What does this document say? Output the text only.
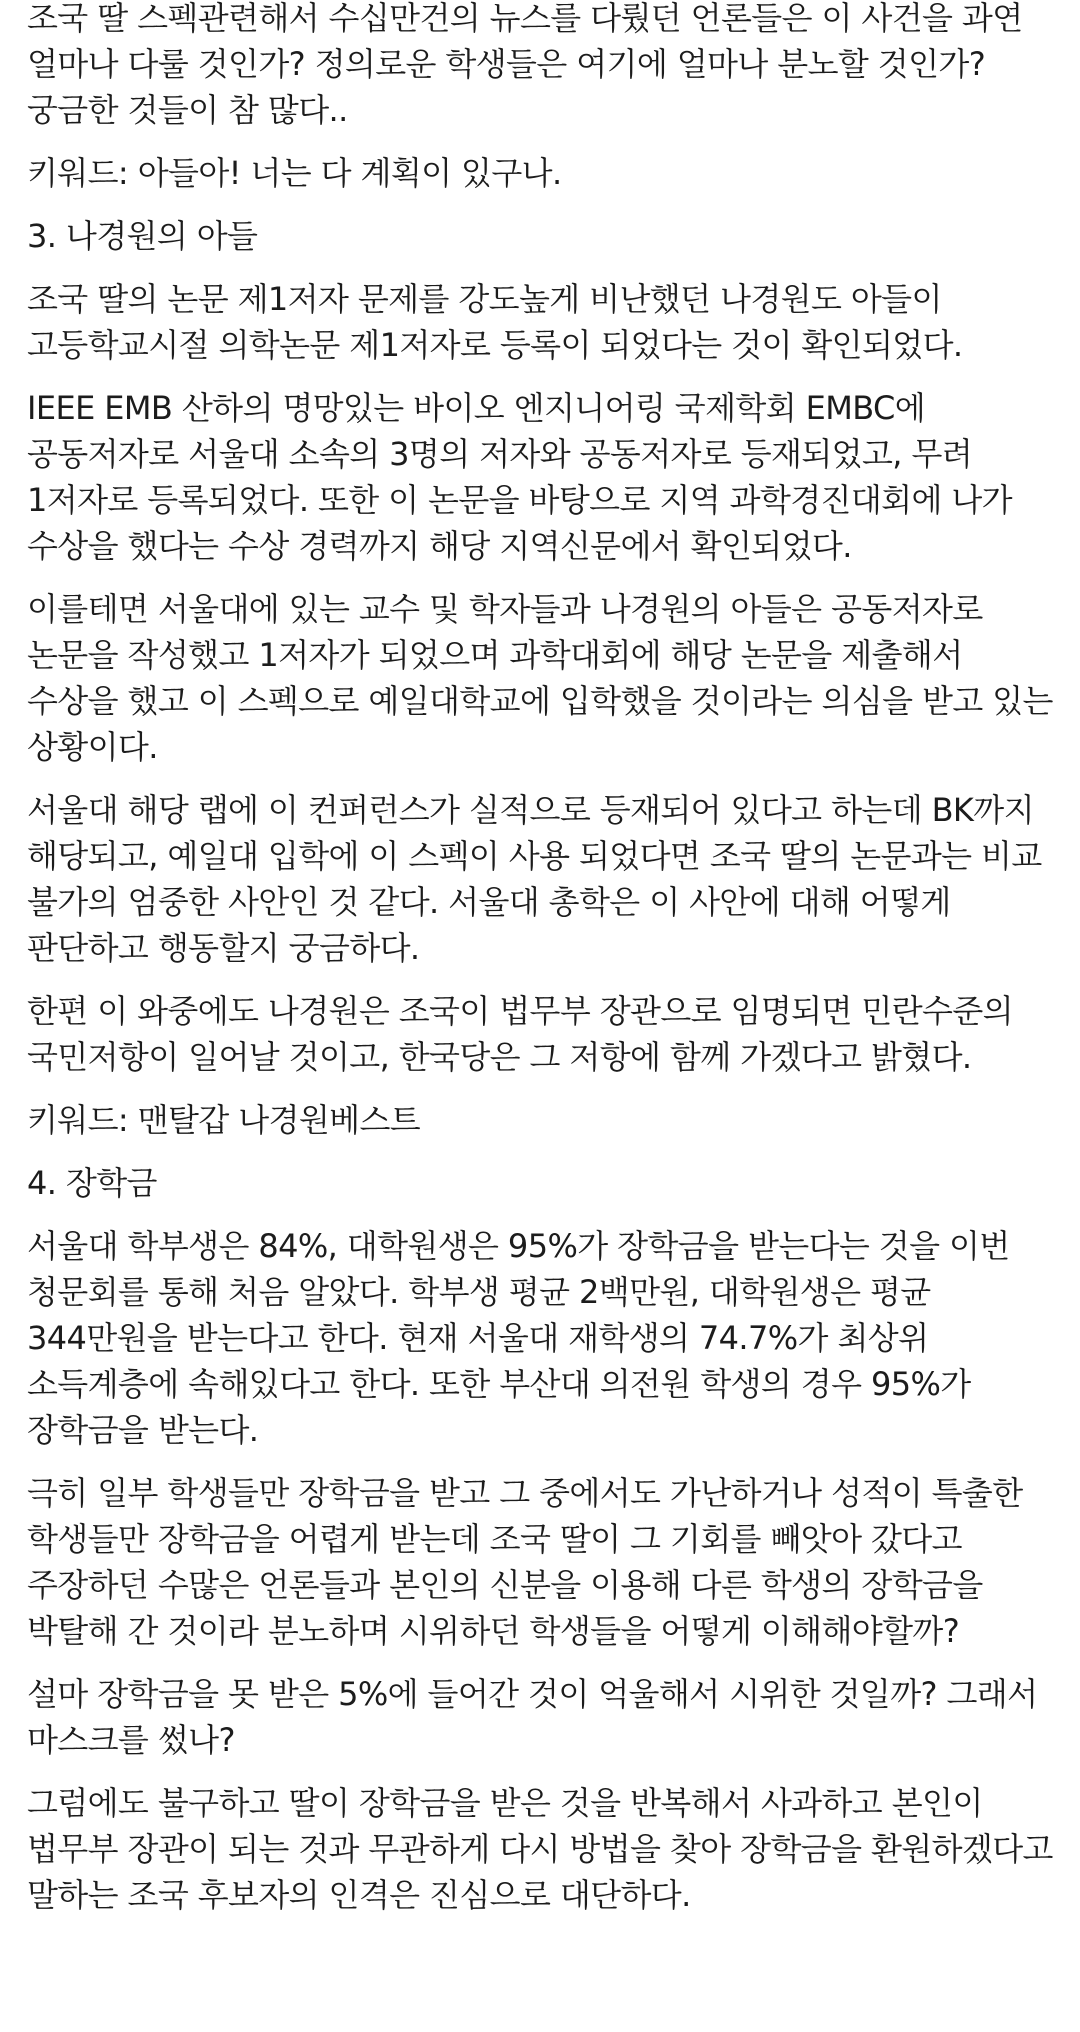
조국 딸 스펙관련해서 수십만건의 뉴스를 다뤘던 언론들은 이 사건을 과연 얼마나 다룰 것인가? 정의로운 학생들은 여기에 얼마나 분노할 것인가? 궁금한 것들이 참 많다..

키워드: 아들아! 너는 다 계획이 있구나.

3. 나경원의 아들

조국 딸의 논문 제1저자 문제를 강도높게 비난했던 나경원도 아들이 고등학교시절 의학논문 제1저자로 등록이 되었다는 것이 확인되었다.

IEEE EMB 산하의 명망있는 바이오 엔지니어링 국제학회 EMBC에 공동저자로 서울대 소속의 3명의 저자와 공동저자로 등재되었고, 무려 1저자로 등록되었다. 또한 이 논문을 바탕으로 지역 과학경진대회에 나가 수상을 했다는 수상 경력까지 해당 지역신문에서 확인되었다.

이를테면 서울대에 있는 교수 및 학자들과 나경원의 아들은 공동저자로 논문을 작성했고 1저자가 되었으며 과학대회에 해당 논문을 제출해서 수상을 했고 이 스펙으로 예일대학교에 입학했을 것이라는 의심을 받고 있는 상황이다.

서울대 해당 랩에 이 컨퍼런스가 실적으로 등재되어 있다고 하는데 BK까지 해당되고, 예일대 입학에 이 스펙이 사용 되었다면 조국 딸의 논문과는 비교 불가의 엄중한 사안인 것 같다. 서울대 총학은 이 사안에 대해 어떻게 판단하고 행동할지 궁금하다.

한편 이 와중에도 나경원은 조국이 법무부 장관으로 임명되면 민란수준의 국민저항이 일어날 것이고, 한국당은 그 저항에 함께 가겠다고 밝혔다.

키워드: 맨탈갑 나경원베스트

4. 장학금

서울대 학부생은 84%, 대학원생은 95%가 장학금을 받는다는 것을 이번 청문회를 통해 처음 알았다. 학부생 평균 2백만원, 대학원생은 평균 344만원을 받는다고 한다. 현재 서울대 재학생의 74.7%가 최상위 소득계층에 속해있다고 한다. 또한 부산대 의전원 학생의 경우 95%가 장학금을 받는다.

극히 일부 학생들만 장학금을 받고 그 중에서도 가난하거나 성적이 특출한 학생들만 장학금을 어렵게 받는데 조국 딸이 그 기회를 빼앗아 갔다고 주장하던 수많은 언론들과 본인의 신분을 이용해 다른 학생의 장학금을 박탈해 간 것이라 분노하며 시위하던 학생들을 어떻게 이해해야할까?

설마 장학금을 못 받은 5%에 들어간 것이 억울해서 시위한 것일까? 그래서 마스크를 썼나?

그럼에도 불구하고 딸이 장학금을 받은 것을 반복해서 사과하고 본인이 법무부 장관이 되는 것과 무관하게 다시 방법을 찾아 장학금을 환원하겠다고 말하는 조국 후보자의 인격은 진심으로 대단하다.
